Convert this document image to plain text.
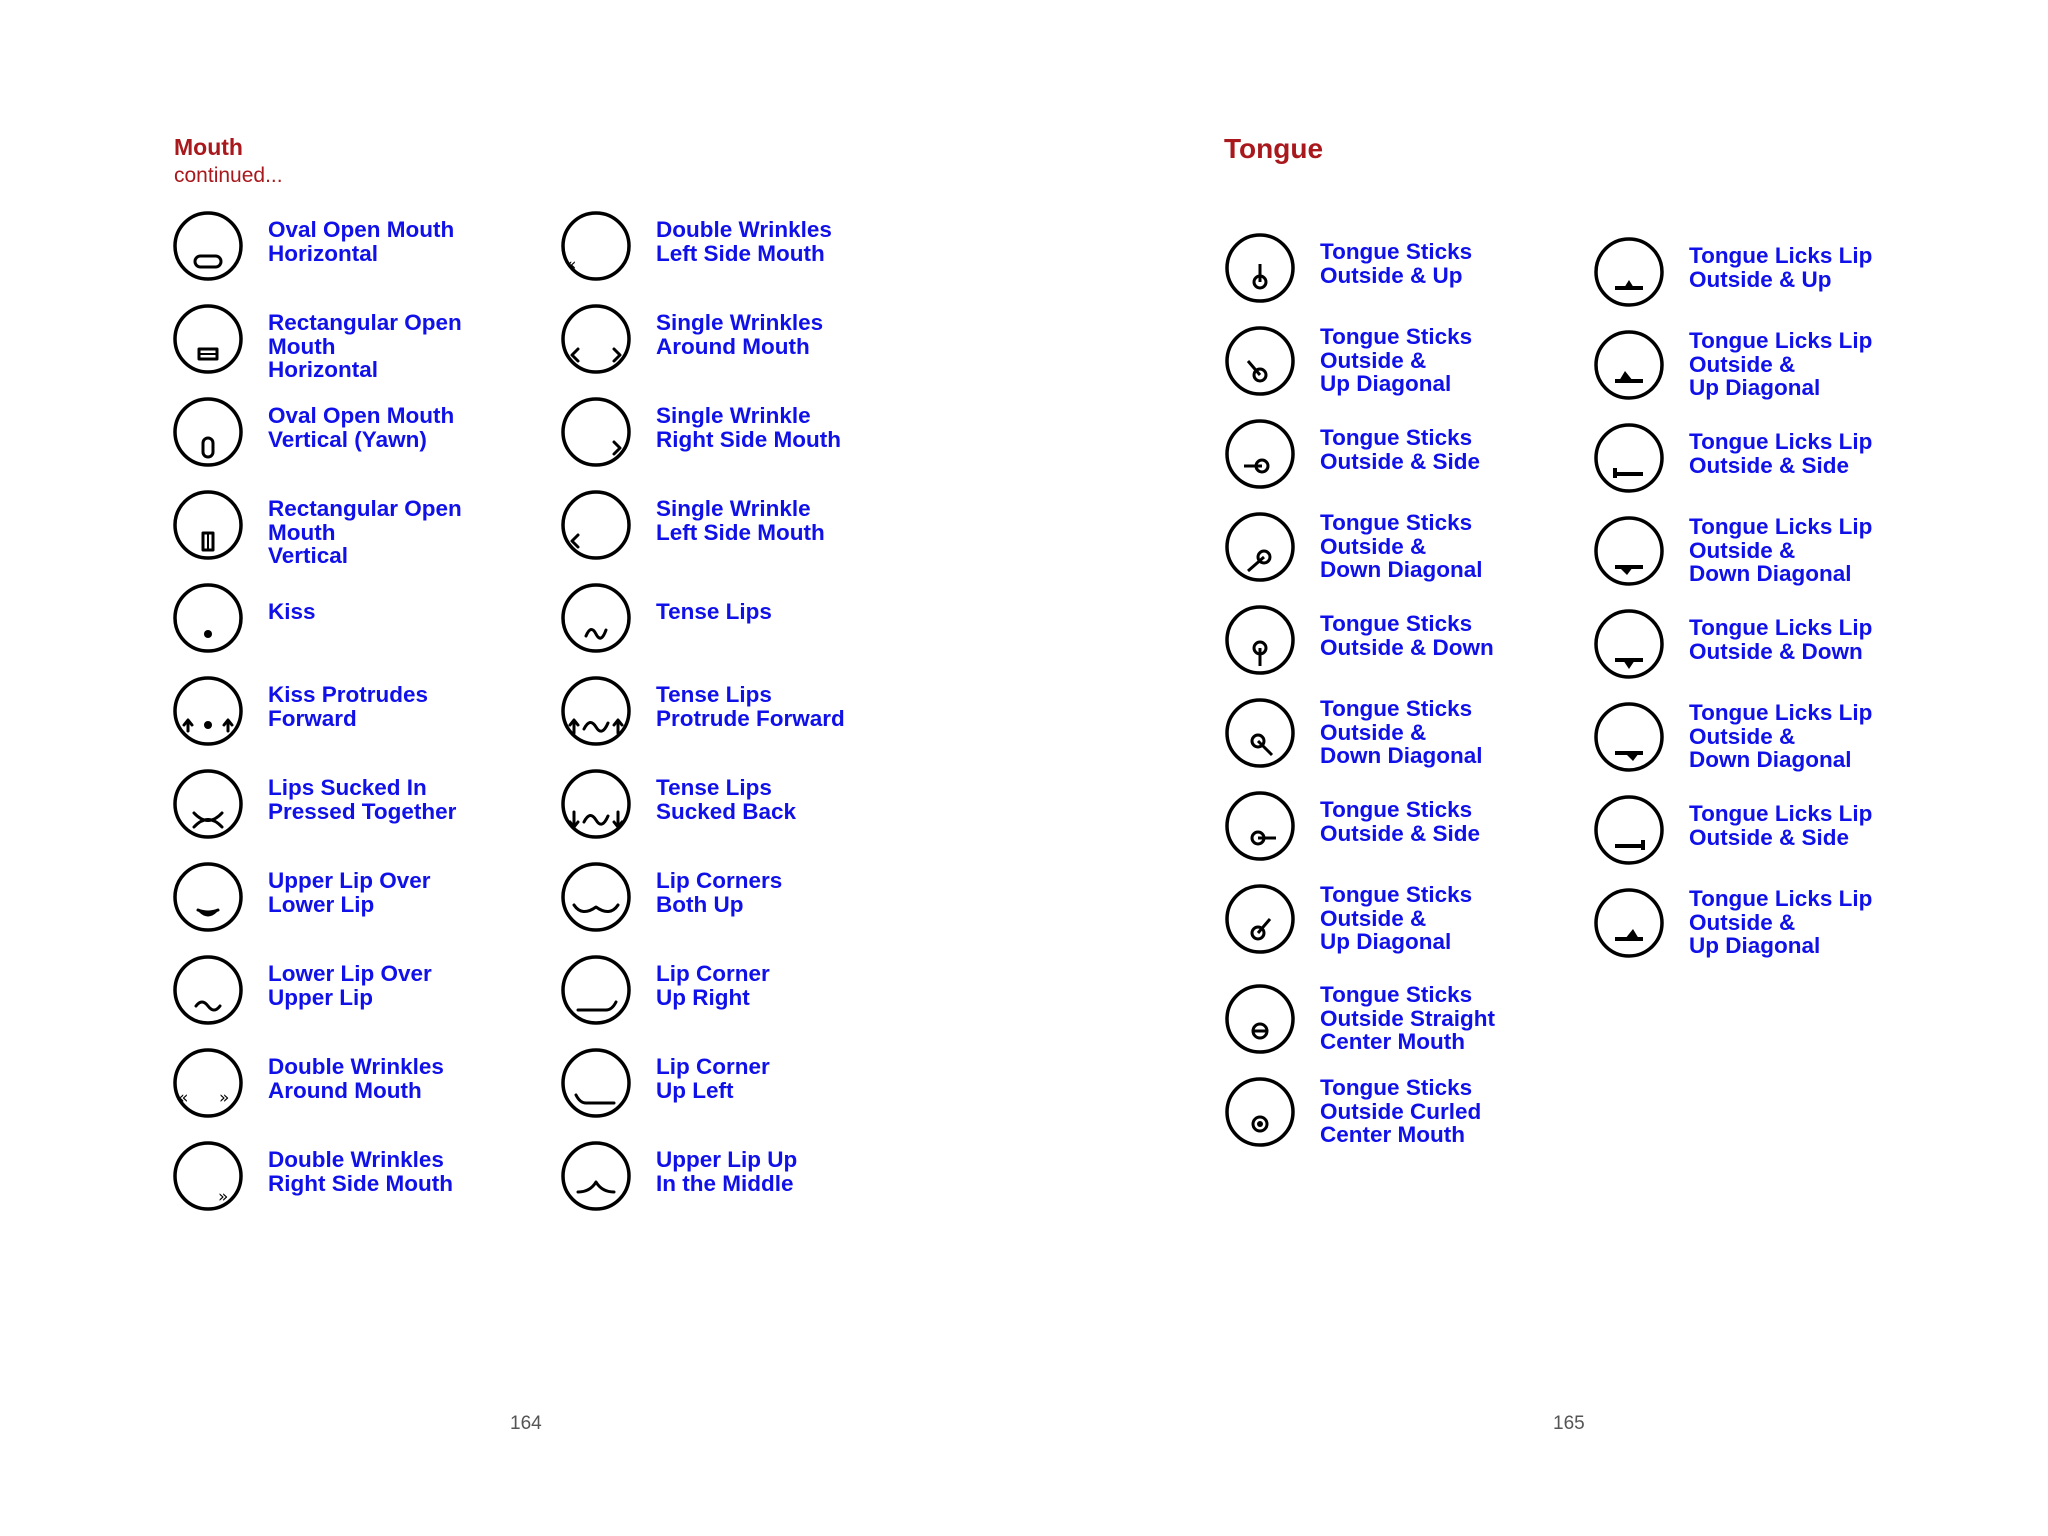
Mouth
continued...
Oval Open Mouth
Horizontal
Rectangular Open Mouth
Horizontal
Oval Open Mouth
Vertical (Yawn)
Rectangular Open Mouth
Vertical
Kiss
Kiss Protrudes
Forward
Lips Sucked In
Pressed Together
Upper Lip Over
Lower Lip
Lower Lip Over
Upper Lip
« »
Double Wrinkles
Around Mouth
»
Double Wrinkles
Right Side Mouth
«
Double Wrinkles
Left Side Mouth
Single Wrinkles
Around Mouth
Single Wrinkle
Right Side Mouth
Single Wrinkle
Left Side Mouth
Tense Lips
Tense Lips
Protrude Forward
Tense Lips
Sucked Back
Lip Corners
Both Up
Lip Corner
Up Right
Lip Corner
Up Left
Upper Lip Up
In the Middle
164
Tongue
Tongue Sticks
Outside & Up
Tongue Sticks
Outside &
Up Diagonal
Tongue Sticks
Outside & Side
Tongue Sticks
Outside &
Down Diagonal
Tongue Sticks
Outside & Down
Tongue Sticks
Outside &
Down Diagonal
Tongue Sticks
Outside & Side
Tongue Sticks
Outside &
Up Diagonal
Tongue Sticks
Outside Straight
Center Mouth
Tongue Sticks
Outside Curled
Center Mouth
Tongue Licks Lip
Outside & Up
Tongue Licks Lip
Outside &
Up Diagonal
Tongue Licks Lip
Outside & Side
Tongue Licks Lip
Outside &
Down Diagonal
Tongue Licks Lip
Outside & Down
Tongue Licks Lip
Outside &
Down Diagonal
Tongue Licks Lip
Outside & Side
Tongue Licks Lip
Outside &
Up Diagonal
165
